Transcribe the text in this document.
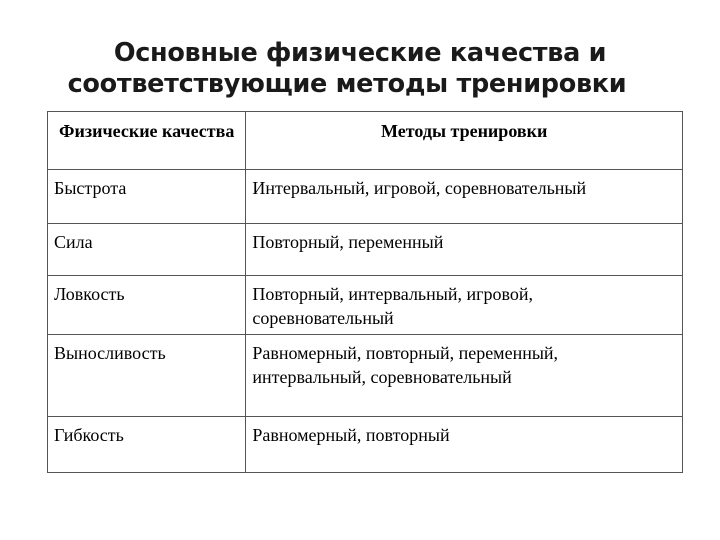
Основные физические качества и
соответствующие методы тренировки
Физические качества	Методы тренировки
Быстрота	Интервальный, игровой, соревновательный
Сила	Повторный, переменный
Ловкость	Повторный, интервальный, игровой, соревновательный
Выносливость	Равномерный, повторный, переменный, интервальный, соревновательный
Гибкость	Равномерный, повторный
